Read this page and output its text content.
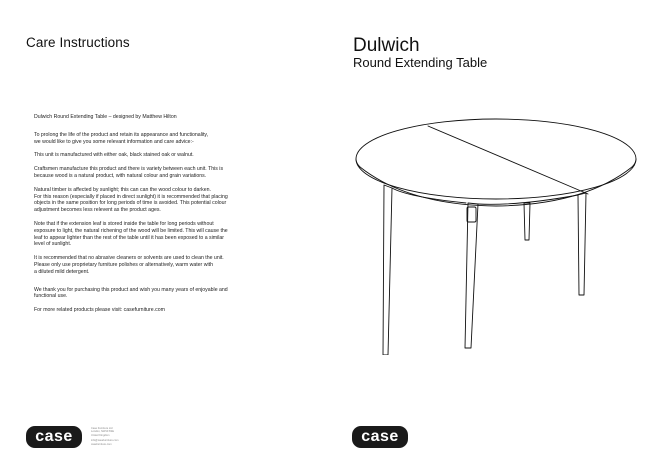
Care Instructions

Dulwich Round Extending Table – designed by Matthew Hilton

To prolong the life of the product and retain its appearance and functionality,
we would like to give you some relevant information and care advice:-

This unit is manufactured with either oak, black stained oak or walnut.

Craftsmen manufacture this product and there is variety between each unit. This is
because wood is a natural product, with natural colour and grain variations.

Natural timber is affected by sunlight; this can can the wood colour to darken.
For this reason (especially if placed in direct sunlight) it is recommended that placing
objects in the same position for long periods of time is avoided. This potential colour
adjustment becomes less relevent as the product ages.

Note that if the extension leaf is stored inside the table for long periods without
exposure to light, the natural richening of the wood will be limited. This will cause the
leaf to appear lighter than the rest of the table until it has been exposed to a similar
level of sunlight.

It is recommended that no abrasive cleaners or solvents are used to clean the unit.
Please only use proprietary furniture polishes or alternatively, warm water with
a diluted mild detergent.

We thank you for purchasing this product and wish you many years of enjoyable and
functional use.

For more related products please visit: casefurniture.com

case	Case Furniture Ltd
London, NW10 6SE
United Kingdom
info@casefurniture.com
casefurniture.com
Dulwich
Round Extending Table
case
